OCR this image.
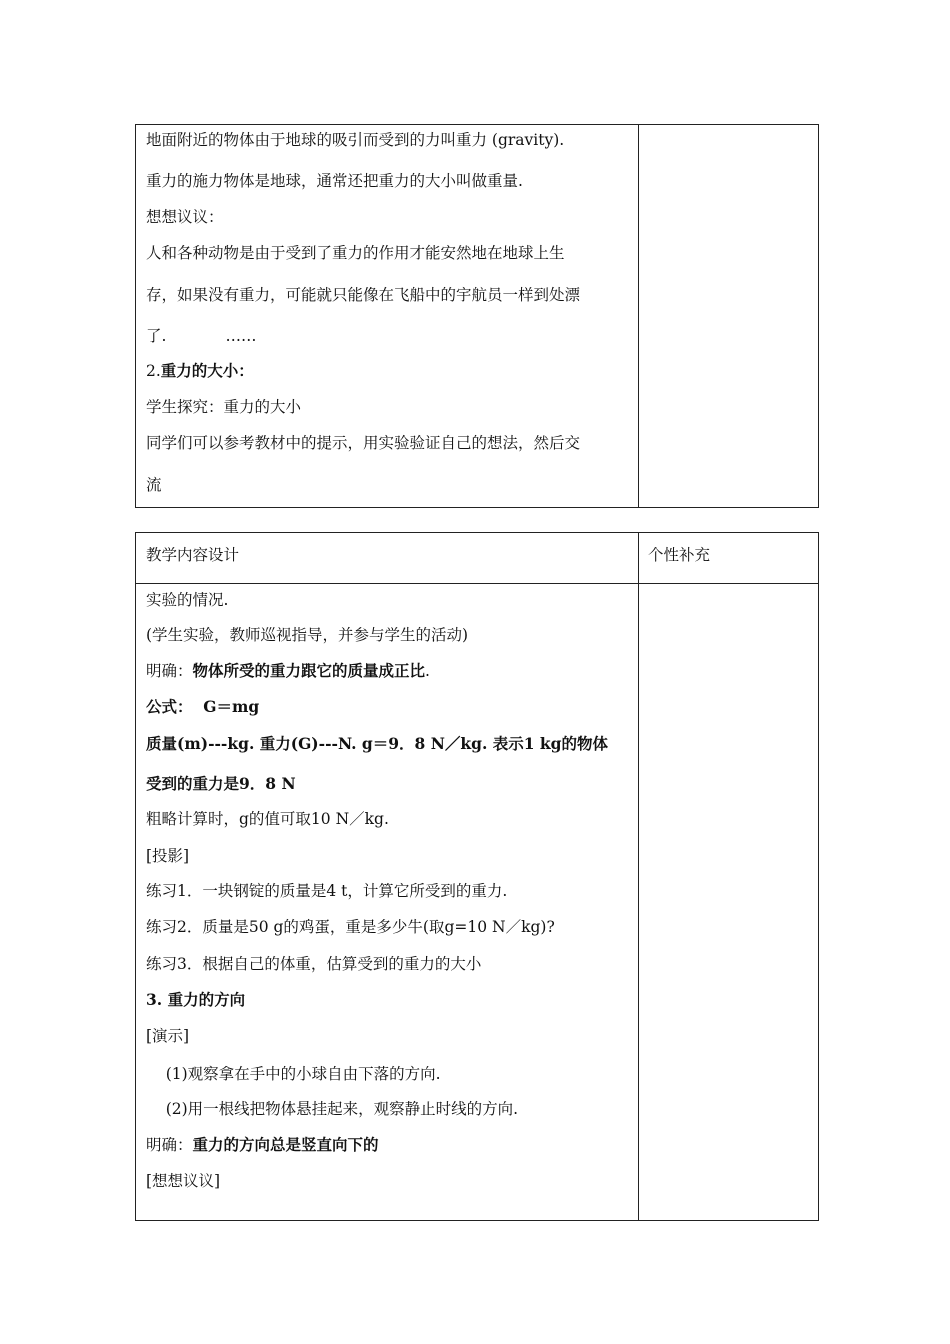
地面附近的物体由于地球的吸引而受到的力叫重力 (gravity).
重力的施力物体是地球，通常还把重力的大小叫做重量.
想想议议：
人和各种动物是由于受到了重力的作用才能安然地在地球上生
存，如果没有重力，可能就只能像在飞船中的宇航员一样到处漂
了.            ……
2.重力的大小：
学生探究：重力的大小
同学们可以参考教材中的提示，用实验验证自己的想法，然后交
流
教学内容设计	个性补充
实验的情况.
(学生实验，教师巡视指导，并参与学生的活动)
明确：物体所受的重力跟它的质量成正比.
公式：  G＝mg
质量(m)---kg. 重力(G)---N. g＝9．8 N／kg. 表示1 kg的物体
受到的重力是9．8 N
粗略计算时，g的值可取10 N／kg.
[投影]
练习1．一块钢锭的质量是4 t，计算它所受到的重力.
练习2．质量是50 g的鸡蛋，重是多少牛(取g=10 N／kg)?
练习3．根据自己的体重，估算受到的重力的大小
3. 重力的方向
[演示]
(1)观察拿在手中的小球自由下落的方向.
(2)用一根线把物体悬挂起来，观察静止时线的方向.
明确：重力的方向总是竖直向下的
[想想议议]
